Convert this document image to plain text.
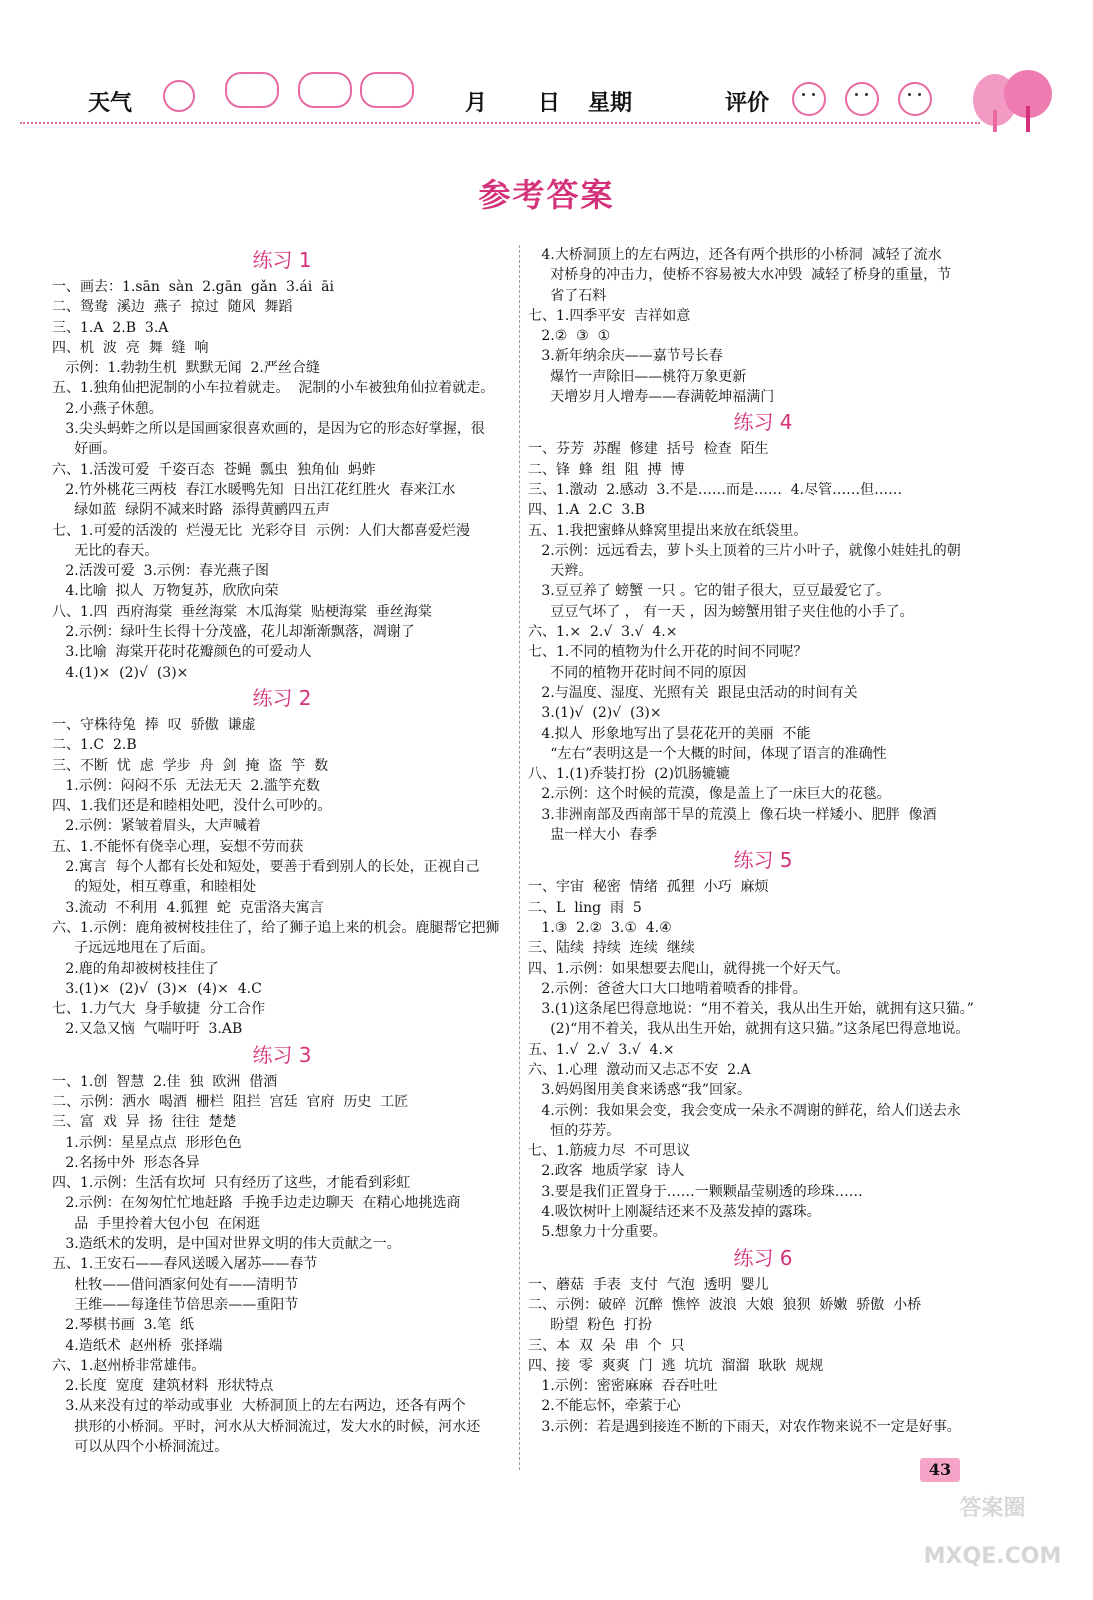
天气	月 日 星期	评价
参考答案
练习 1
一、画去：1.sān  sàn  2.gān  gǎn  3.ái  āi
二、鸳鸯  溪边  燕子  掠过  随风  舞蹈
三、1.A  2.B  3.A
四、机  波  亮  舞  缝  响
示例：1.勃勃生机  默默无闻  2.严丝合缝
五、1.独角仙把泥制的小车拉着就走。  泥制的小车被独角仙拉着就走。
2.小燕子休憩。
3.尖头蚂蚱之所以是国画家很喜欢画的，是因为它的形态好掌握，很
好画。
六、1.活泼可爱  千姿百态  苍蝇  瓢虫  独角仙  蚂蚱
2.竹外桃花三两枝  春江水暖鸭先知  日出江花红胜火  春来江水
绿如蓝  绿阴不减来时路  添得黄鹂四五声
七、1.可爱的活泼的  烂漫无比  光彩夺目  示例：人们大都喜爱烂漫
无比的春天。
2.活泼可爱  3.示例：春光燕子图
4.比喻  拟人  万物复苏，欣欣向荣
八、1.四  西府海棠  垂丝海棠  木瓜海棠  贴梗海棠  垂丝海棠
2.示例：绿叶生长得十分茂盛，花儿却渐渐飘落，凋谢了
3.比喻  海棠开花时花瓣颜色的可爱动人
4.(1)×  (2)√  (3)×
练习 2
一、守株待兔  捧  叹  骄傲  谦虚
二、1.C  2.B
三、不断  忧  虑  学步  舟  剑  掩  盗  竽  数
1.示例：闷闷不乐  无法无天  2.滥竽充数
四、1.我们还是和睦相处吧，没什么可吵的。
2.示例：紧皱着眉头，大声喊着
五、1.不能怀有侥幸心理，妄想不劳而获
2.寓言  每个人都有长处和短处，要善于看到别人的长处，正视自己
的短处，相互尊重，和睦相处
3.流动  不利用  4.狐狸  蛇  克雷洛夫寓言
六、1.示例：鹿角被树枝挂住了，给了狮子追上来的机会。鹿腿帮它把狮
子远远地甩在了后面。
2.鹿的角却被树枝挂住了
3.(1)×  (2)√  (3)×  (4)×  4.C
七、1.力气大  身手敏捷  分工合作
2.又急又恼  气喘吁吁  3.AB
练习 3
一、1.创  智慧  2.佳  独  欧洲  借酒
二、示例：洒水  喝酒  栅栏  阻拦  宫廷  官府  历史  工匠
三、富  戏  异  扬  往往  楚楚
1.示例：星星点点  形形色色
2.名扬中外  形态各异
四、1.示例：生活有坎坷  只有经历了这些，才能看到彩虹
2.示例：在匆匆忙忙地赶路  手挽手边走边聊天  在精心地挑选商
品  手里拎着大包小包  在闲逛
3.造纸术的发明，是中国对世界文明的伟大贡献之一。
五、1.王安石——春风送暖入屠苏——春节
杜牧——借问酒家何处有——清明节
王维——每逢佳节倍思亲——重阳节
2.琴棋书画  3.笔  纸
4.造纸术  赵州桥  张择端
六、1.赵州桥非常雄伟。
2.长度  宽度  建筑材料  形状特点
3.从来没有过的举动或事业  大桥洞顶上的左右两边，还各有两个
拱形的小桥洞。平时，河水从大桥洞流过，发大水的时候，河水还
可以从四个小桥洞流过。
4.大桥洞顶上的左右两边，还各有两个拱形的小桥洞  减轻了流水
对桥身的冲击力，使桥不容易被大水冲毁  减轻了桥身的重量，节
省了石料
七、1.四季平安  吉祥如意
2.②  ③  ①
3.新年纳余庆——嘉节号长春
爆竹一声除旧——桃符万象更新
天增岁月人增寿——春满乾坤福满门
练习 4
一、芬芳  苏醒  修建  括号  检查  陌生
二、锋  蜂  组  阻  搏  博
三、1.激动  2.感动  3.不是……而是……  4.尽管……但……
四、1.A  2.C  3.B
五、1.我把蜜蜂从蜂窝里提出来放在纸袋里。
2.示例：远远看去，萝卜头上顶着的三片小叶子，就像小娃娃扎的朝
天辫。
3.豆豆养了 螃蟹 一只 。它的钳子很大，豆豆最爱它了。
豆豆气坏了 ， 有一天 ，因为螃蟹用钳子夹住他的小手了。
六、1.×  2.√  3.√  4.×
七、1.不同的植物为什么开花的时间不同呢？
不同的植物开花时间不同的原因
2.与温度、湿度、光照有关  跟昆虫活动的时间有关
3.(1)√  (2)√  (3)×
4.拟人  形象地写出了昙花花开的美丽  不能
“左右”表明这是一个大概的时间，体现了语言的准确性
八、1.(1)乔装打扮  (2)饥肠辘辘
2.示例：这个时候的荒漠，像是盖上了一床巨大的花毯。
3.非洲南部及西南部干旱的荒漠上  像石块一样矮小、肥胖  像酒
盅一样大小  春季
练习 5
一、宇宙  秘密  情绪  孤狸  小巧  麻烦
二、L  ling  雨  5
1.③  2.②  3.①  4.④
三、陆续  持续  连续  继续
四、1.示例：如果想要去爬山，就得挑一个好天气。
2.示例：爸爸大口大口地啃着喷香的排骨。
3.(1)这条尾巴得意地说：“用不着关，我从出生开始，就拥有这只猫。”
(2)“用不着关，我从出生开始，就拥有这只猫。”这条尾巴得意地说。
五、1.√  2.√  3.√  4.×
六、1.心理  激动而又忐忑不安  2.A
3.妈妈图用美食来诱惑“我”回家。
4.示例：我如果会变，我会变成一朵永不凋谢的鲜花，给人们送去永
恒的芬芳。
七、1.筋疲力尽  不可思议
2.政客  地质学家  诗人
3.要是我们正置身于……一颗颗晶莹剔透的珍珠……
4.吸饮树叶上刚凝结还来不及蒸发掉的露珠。
5.想象力十分重要。
练习 6
一、蘑菇  手表  支付  气泡  透明  婴儿
二、示例：破碎  沉醉  憔悴  波浪  大娘  狼狈  娇嫩  骄傲  小桥
盼望  粉色  打扮
三、本  双  朵  串  个  只
四、接  零  爽爽  门  逃  坑坑  溜溜  耿耿  规规
1.示例：密密麻麻  吞吞吐吐
2.不能忘怀，牵萦于心
3.示例：若是遇到接连不断的下雨天，对农作物来说不一定是好事。
43
答案圈
MXQE.COM
